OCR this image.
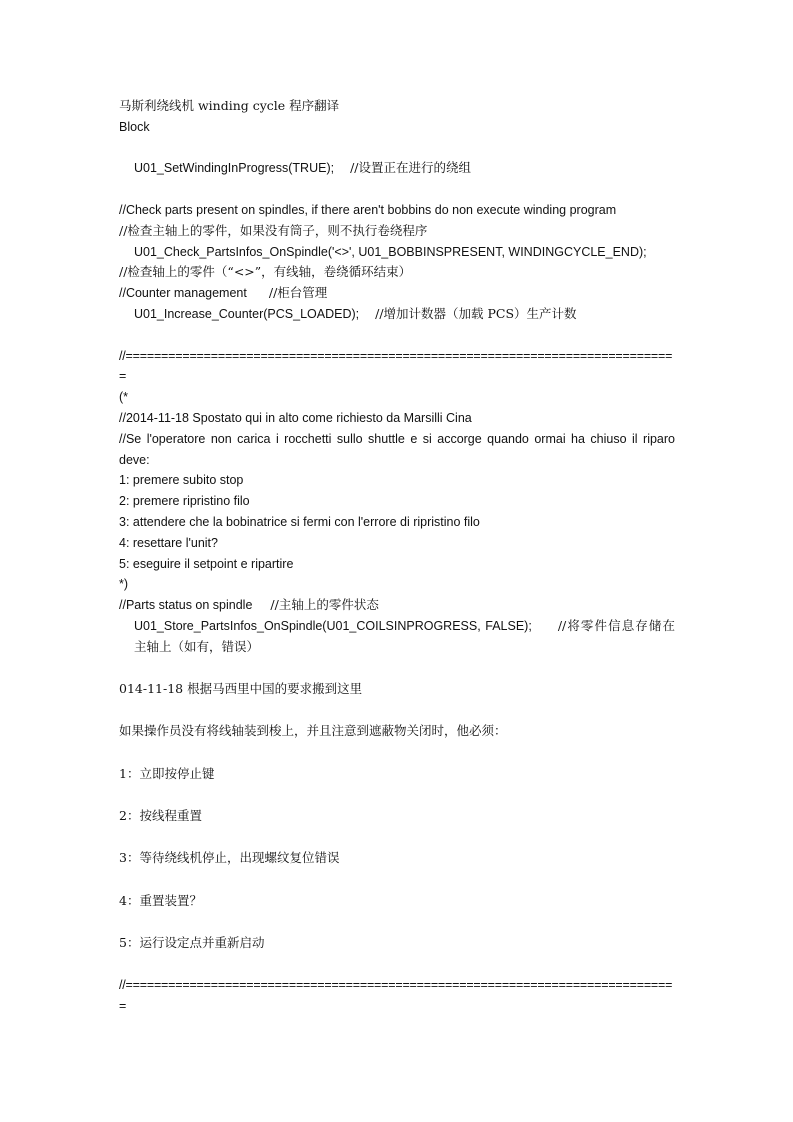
马斯利绕线机 winding cycle 程序翻译
Block
U01_SetWindingInProgress(TRUE); //设置正在进行的绕组
//Check parts present on spindles, if there aren't bobbins do non execute winding program
//检查主轴上的零件，如果没有筒子，则不执行卷绕程序
U01_Check_PartsInfos_OnSpindle('<>', U01_BOBBINSPRESENT, WINDINGCYCLE_END);
//检查轴上的零件（“<>”，有线轴，卷绕循环结束）
//Counter management //柜台管理
U01_Increase_Counter(PCS_LOADED); //增加计数器（加载 PCS）生产计数
//=============================================================================
=
(*
//2014-11-18 Spostato qui in alto come richiesto da Marsilli Cina
//Se l'operatore non carica i rocchetti sullo shuttle e si accorge quando ormai ha chiuso il riparo deve:
1: premere subito stop
2: premere ripristino filo
3: attendere che la bobinatrice si fermi con l'errore di ripristino filo
4: resettare l'unit?
5: eseguire il setpoint e ripartire
*)
//Parts status on spindle //主轴上的零件状态
U01_Store_PartsInfos_OnSpindle(U01_COILSINPROGRESS, FALSE); //将零件信息存储在主轴上（如有，错误）
014-11-18 根据马西里中国的要求搬到这里
如果操作员没有将线轴装到梭上，并且注意到遮蔽物关闭时，他必须：
1：立即按停止键
2：按线程重置
3：等待绕线机停止，出现螺纹复位错误
4：重置装置？
5：运行设定点并重新启动
//=============================================================================
=
